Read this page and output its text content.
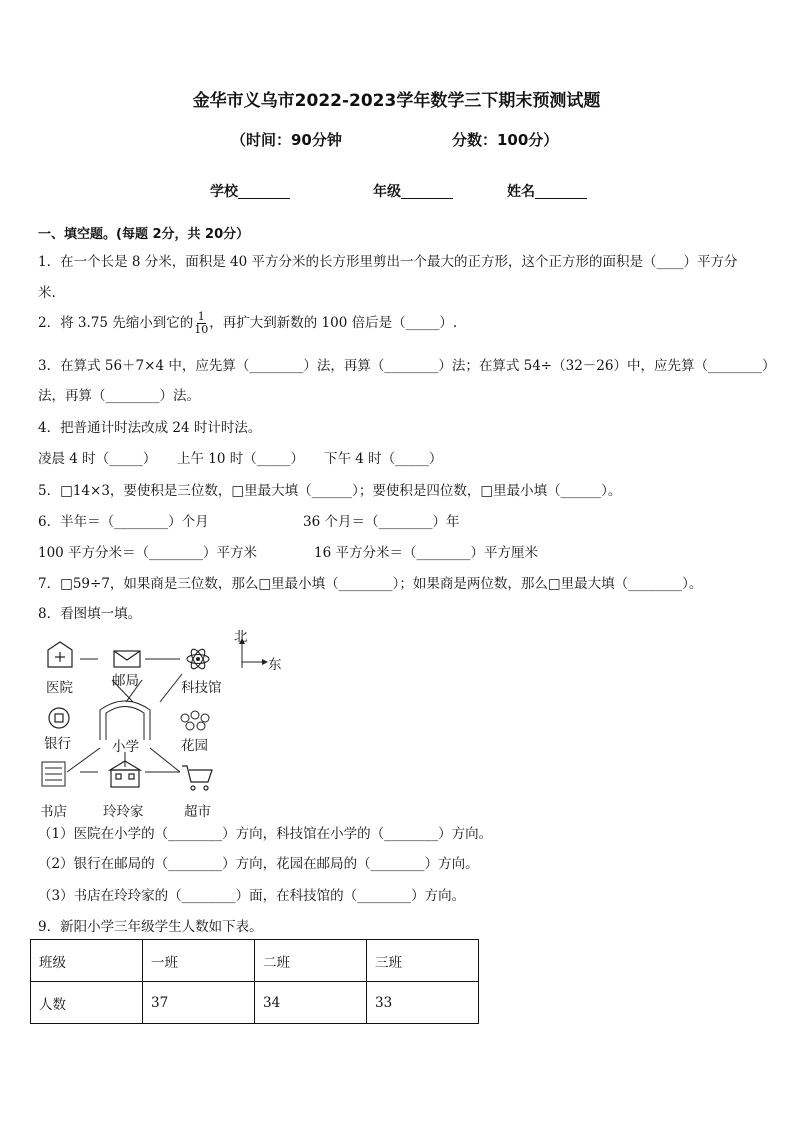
金华市义乌市2022-2023学年数学三下期末预测试题
（时间：90分钟	分数：100分）
学校	年级	姓名
一、填空题。(每题 2分，共 20分）
1．在一个长是 8 分米，面积是 40 平方分米的长方形里剪出一个最大的正方形，这个正方形的面积是（____）平方分
米.
2．将 3.75 先缩小到它的 $\frac{1}{10}$ ，再扩大到新数的 100 倍后是（_____）.
3．在算式 56＋7×4 中，应先算（________）法，再算（________）法；在算式 54÷（32－26）中，应先算（________）
法，再算（________）法。
4．把普通计时法改成 24 时计时法。
凌晨 4 时（_____） 上午 10 时（_____） 下午 4 时（_____）
5．□14×3，要使积是三位数，□里最大填（______）；要使积是四位数，□里最小填（______）。
6．半年＝（________）个月	36 个月＝（________）年
100 平方分米＝（________）平方米	16 平方分米＝（________）平方厘米
7．□59÷7，如果商是三位数，那么□里最小填（________）；如果商是两位数，那么□里最大填（________）。
8．看图填一填。
北
东
医院	邮局	科技馆
银行	小学	花园
书店	玲玲家	超市
（1）医院在小学的（________）方向，科技馆在小学的（________）方向。
（2）银行在邮局的（________）方向，花园在邮局的（________）方向。
（3）书店在玲玲家的（________）面，在科技馆的（________）方向。
9．新阳小学三年级学生人数如下表。
班级	一班	二班	三班
人数	37	34	33
